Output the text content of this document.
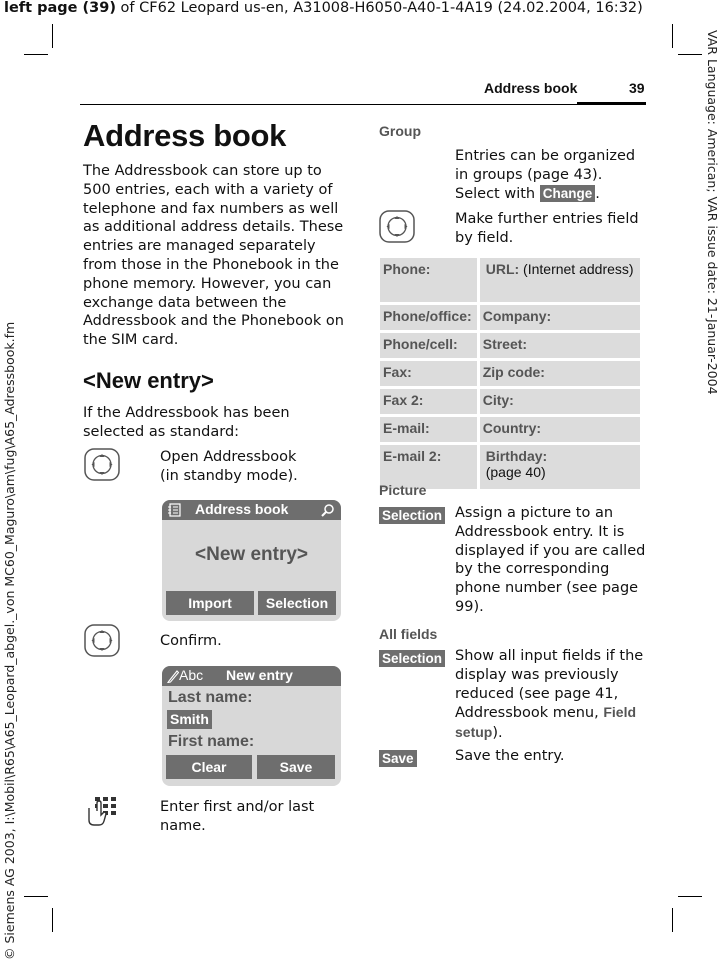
left page (39) of CF62 Leopard us-en, A31008-H6050-A40-1-4A19 (24.02.2004, 16:32)
VAR Language: American; VAR issue date: 21-Januar-2004
© Siemens AG 2003, I:\Mobil\R65\A65_Leopard_abgel._von MC60_Maguro\am\fug\A65_Adressbook.fm
Address book	39
Address book
The Addressbook can store up to 500 entries, each with a variety of telephone and fax numbers as well as additional address details. These entries are managed separately from those in the Phonebook in the phone memory. However, you can exchange data between the Addressbook and the Phonebook on the SIM card.
<New entry>
If the Addressbook has been selected as standard:
Open Addressbook
(in standby mode).
Address book
<New entry>
Import	Selection
Confirm.
Abc New entry
Last name:
Smith
First name:
Clear	Save
Enter first and/or last name.
Group
Entries can be organized in groups (page 43). Select with Change .
Make further entries field by field.
Phone:	URL: (Internet address)
Phone/office:	Company:
Phone/cell:	Street:
Fax:	Zip code:
Fax 2:	City:
E-mail:	Country:
E-mail 2:	Birthday:
(page 40)
Picture
Selection Assign a picture to an Addressbook entry. It is displayed if you are called by the corresponding phone number (see page 99).
All fields
Selection Show all input fields if the display was previously reduced (see page 41, Addressbook menu, Field setup).
Save	Save the entry.
